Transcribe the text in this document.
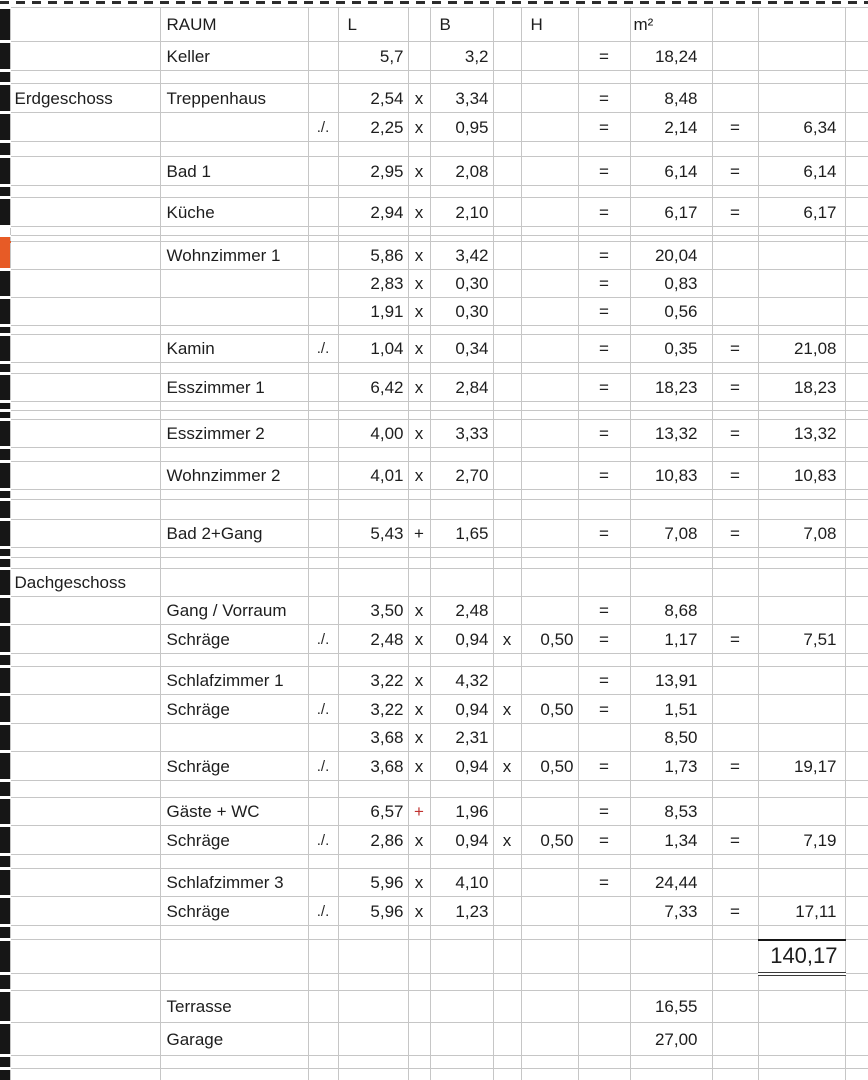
		RAUM		L		B		H		m²			
		Keller		5,7		3,2			=	18,24			

	Erdgeschoss	Treppenhaus		2,54	x	3,34			=	8,48			
			./.	2,25	x	0,95			=	2,14	=	6,34	

		Bad 1		2,95	x	2,08			=	6,14	=	6,14	

		Küche		2,94	x	2,10			=	6,17	=	6,17	

		Wohnzimmer 1		5,86	x	3,42			=	20,04			
				2,83	x	0,30			=	0,83			
				1,91	x	0,30			=	0,56			

		Kamin	./.	1,04	x	0,34			=	0,35	=	21,08	

		Esszimmer 1		6,42	x	2,84			=	18,23	=	18,23	

		Esszimmer 2		4,00	x	3,33			=	13,32	=	13,32	

		Wohnzimmer 2		4,01	x	2,70			=	10,83	=	10,83	

		Bad 2+Gang		5,43	+	1,65			=	7,08	=	7,08	

	Dachgeschoss												
		Gang / Vorraum		3,50	x	2,48			=	8,68			
		Schräge	./.	2,48	x	0,94	x	0,50	=	1,17	=	7,51	

		Schlafzimmer 1		3,22	x	4,32			=	13,91			
		Schräge	./.	3,22	x	0,94	x	0,50	=	1,51			
				3,68	x	2,31				8,50			
		Schräge	./.	3,68	x	0,94	x	0,50	=	1,73	=	19,17	

		Gäste + WC		6,57	+	1,96			=	8,53			
		Schräge	./.	2,86	x	0,94	x	0,50	=	1,34	=	7,19	

		Schlafzimmer 3		5,96	x	4,10			=	24,44			
		Schräge	./.	5,96	x	1,23				7,33	=	17,11	

												140,17	

		Terrasse								16,55			
		Garage								27,00			
